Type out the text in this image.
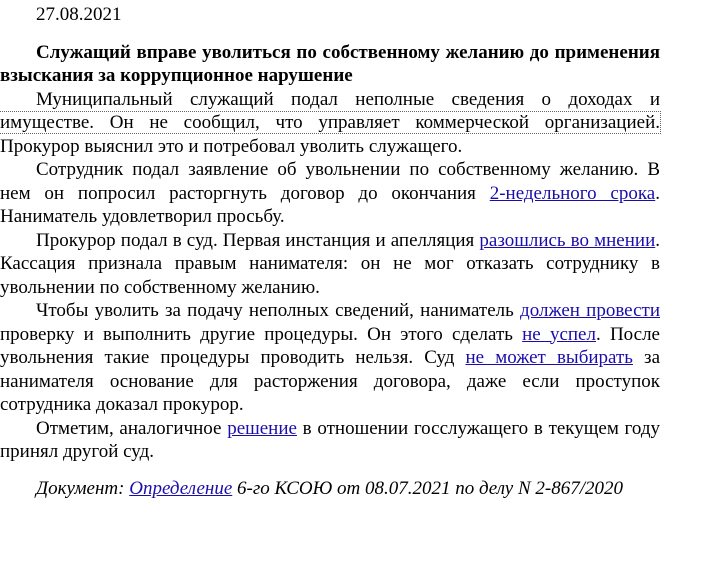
27.08.2021
Служащий вправе уволиться по собственному желанию до применения взыскания за коррупционное нарушение

Муниципальный служащий подал неполные сведения о доходах и имуществе. Он не сообщил, что управляет коммерческой организацией. Прокурор выяснил это и потребовал уволить служащего.

Сотрудник подал заявление об увольнении по собственному желанию. В нем он попросил расторгнуть договор до окончания 2-недельного срока. Наниматель удовлетворил просьбу.

Прокурор подал в суд. Первая инстанция и апелляция разошлись во мнении. Кассация признала правым нанимателя: он не мог отказать сотруднику в увольнении по собственному желанию.

Чтобы уволить за подачу неполных сведений, наниматель должен провести проверку и выполнить другие процедуры. Он этого сделать не успел. После увольнения такие процедуры проводить нельзя. Суд не может выбирать за нанимателя основание для расторжения договора, даже если проступок сотрудника доказал прокурор.

Отметим, аналогичное решение в отношении госслужащего в текущем году принял другой суд.

Документ: Определение 6-го КСОЮ от 08.07.2021 по делу N 2-867/2020
